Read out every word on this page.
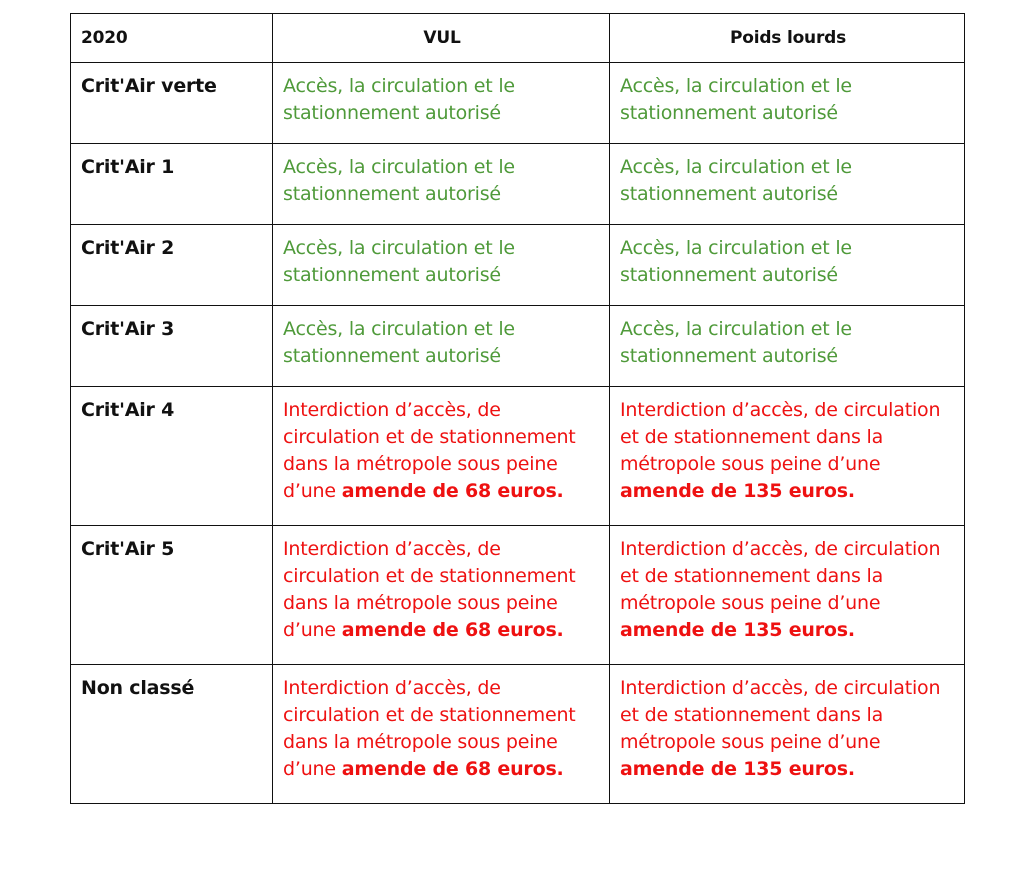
2020	VUL	Poids lourds
Crit'Air verte	Accès, la circulation et le stationnement autorisé	Accès, la circulation et le stationnement autorisé
Crit'Air 1	Accès, la circulation et le stationnement autorisé	Accès, la circulation et le stationnement autorisé
Crit'Air 2	Accès, la circulation et le stationnement autorisé	Accès, la circulation et le stationnement autorisé
Crit'Air 3	Accès, la circulation et le stationnement autorisé	Accès, la circulation et le stationnement autorisé
Crit'Air 4	Interdiction d’accès, de circulation et de stationnement dans la métropole sous peine d’une amende de 68 euros.	Interdiction d’accès, de circulation et de stationnement dans la métropole sous peine d’une amende de 135 euros.
Crit'Air 5	Interdiction d’accès, de circulation et de stationnement dans la métropole sous peine d’une amende de 68 euros.	Interdiction d’accès, de circulation et de stationnement dans la métropole sous peine d’une amende de 135 euros.
Non classé	Interdiction d’accès, de circulation et de stationnement dans la métropole sous peine d’une amende de 68 euros.	Interdiction d’accès, de circulation et de stationnement dans la métropole sous peine d’une amende de 135 euros.
